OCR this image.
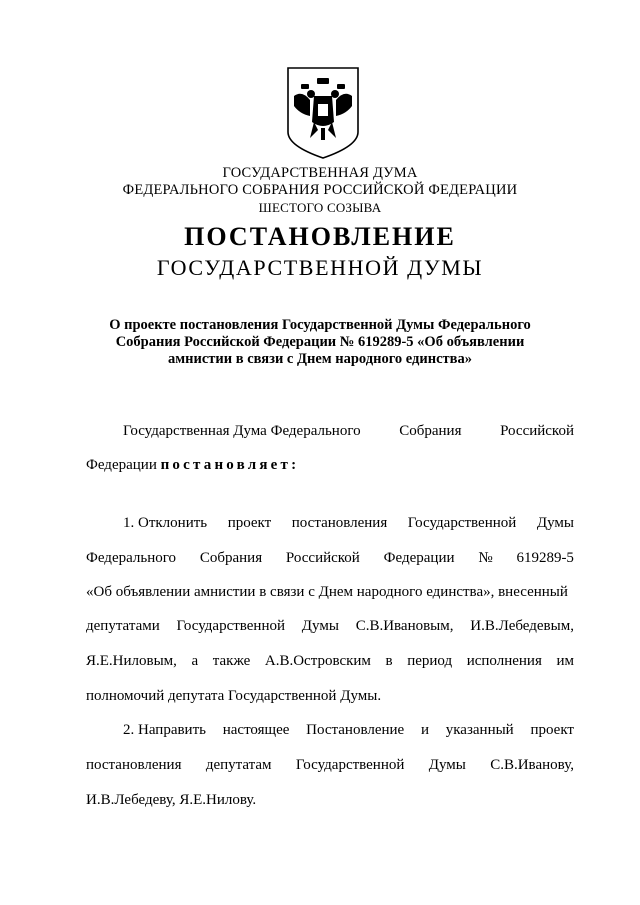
ГОСУДАРСТВЕННАЯ ДУМА
ФЕДЕРАЛЬНОГО СОБРАНИЯ РОССИЙСКОЙ ФЕДЕРАЦИИ
ШЕСТОГО СОЗЫВА
ПОСТАНОВЛЕНИЕ
ГОСУДАРСТВЕННОЙ ДУМЫ
О проекте постановления Государственной Думы Федерального
Собрания Российской Федерации № 619289-5 «Об объявлении
амнистии в связи с Днем народного единства»
Государственная Дума Федерального	Собрания	Российской
Федерации постановляет:
1. Отклонить проект постановления Государственной Думы
Федерального Собрания Российской Федерации № 619289-5
«Об объявлении амнистии в связи с Днем народного единства», внесенный
депутатами Государственной Думы С.В.Ивановым, И.В.Лебедевым,
Я.Е.Ниловым, а также А.В.Островским в период исполнения им
полномочий депутата Государственной Думы.
2. Направить настоящее Постановление и указанный проект
постановления депутатам Государственной Думы С.В.Иванову,
И.В.Лебедеву, Я.Е.Нилову.
